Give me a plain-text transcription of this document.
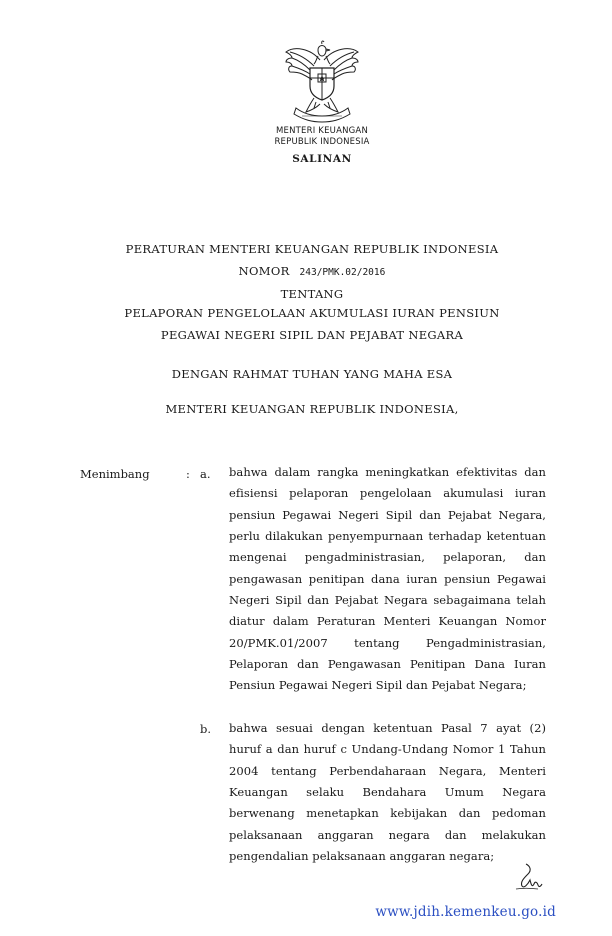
MENTERI KEUANGAN
REPUBLIK INDONESIA
SALINAN
PERATURAN MENTERI KEUANGAN REPUBLIK INDONESIA
NOMOR 243/PMK.02/2016
TENTANG
PELAPORAN PENGELOLAAN AKUMULASI IURAN PENSIUN
PEGAWAI NEGERI SIPIL DAN PEJABAT NEGARA
DENGAN RAHMAT TUHAN YANG MAHA ESA
MENTERI KEUANGAN REPUBLIK INDONESIA,
Menimbang	: a. bahwa dalam rangka meningkatkan efektivitas dan efisiensi pelaporan pengelolaan akumulasi iuran pensiun Pegawai Negeri Sipil dan Pejabat Negara, perlu dilakukan penyempurnaan terhadap ketentuan mengenai pengadministrasian, pelaporan, dan pengawasan penitipan dana iuran pensiun Pegawai Negeri Sipil dan Pejabat Negara sebagaimana telah diatur dalam Peraturan Menteri Keuangan Nomor 20/PMK.01/2007 tentang Pengadministrasian, Pelaporan dan Pengawasan Penitipan Dana Iuran Pensiun Pegawai Negeri Sipil dan Pejabat Negara;
b. bahwa sesuai dengan ketentuan Pasal 7 ayat (2) huruf a dan huruf c Undang-Undang Nomor 1 Tahun 2004 tentang Perbendaharaan Negara, Menteri Keuangan selaku Bendahara Umum Negara berwenang menetapkan kebijakan dan pedoman pelaksanaan anggaran negara dan melakukan pengendalian pelaksanaan anggaran negara;
www.jdih.kemenkeu.go.id
